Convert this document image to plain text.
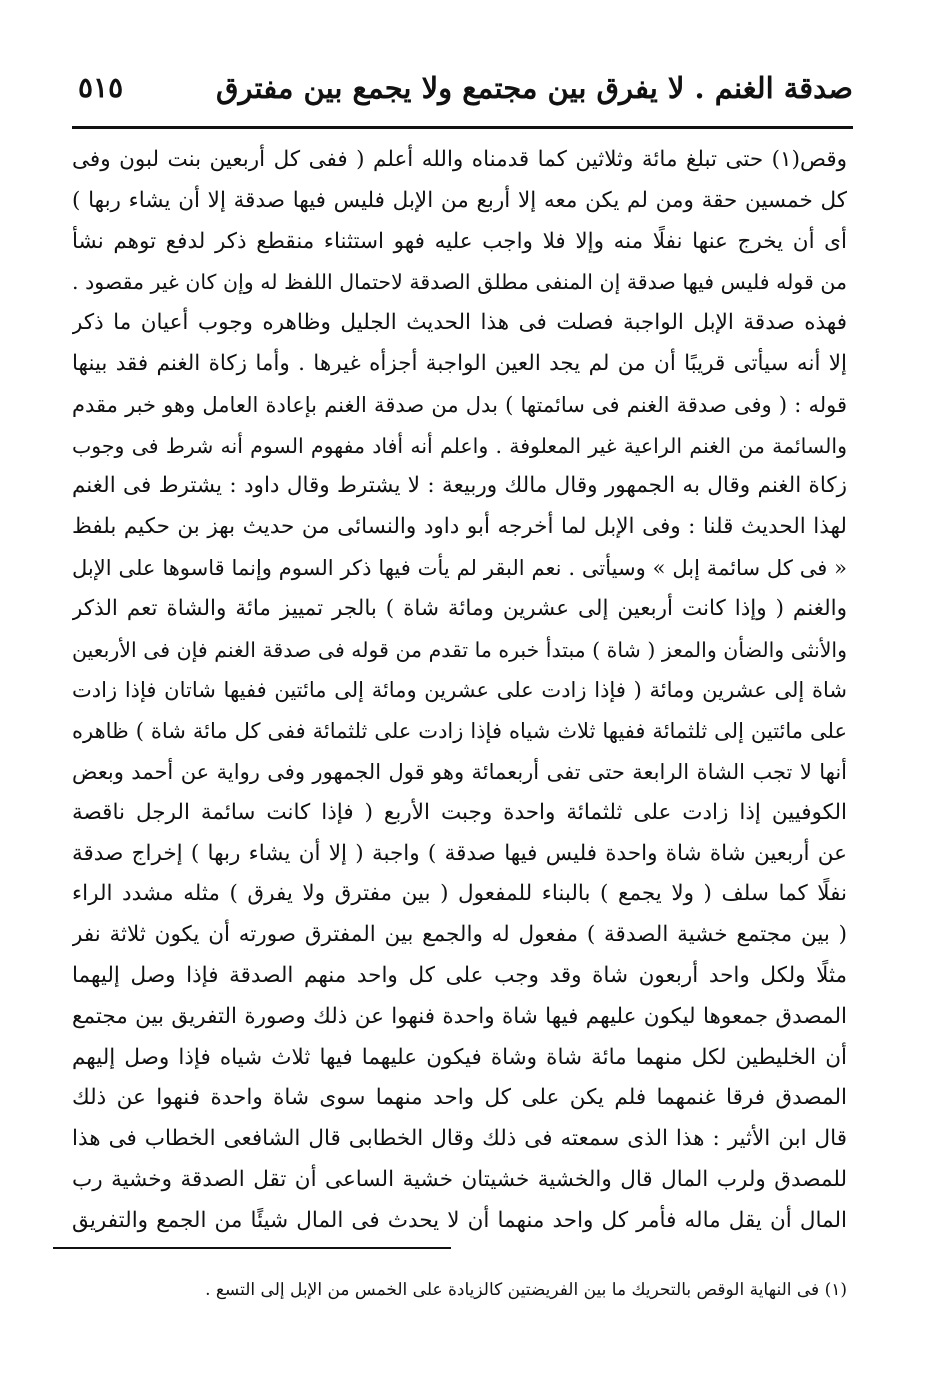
صدقة الغنم . لا يفرق بين مجتمع ولا يجمع بين مفترق
٥١٥
وقص(١) حتى تبلغ مائة وثلاثين كما قدمناه والله أعلم ( ففى كل أربعين بنت لبون وفى
كل خمسين حقة ومن لم يكن معه إلا أربع من الإبل فليس فيها صدقة إلا أن يشاء ربها )
أى أن يخرج عنها نفلًا منه وإلا فلا واجب عليه فهو استثناء منقطع ذكر لدفع توهم نشأ
من قوله فليس فيها صدقة إن المنفى مطلق الصدقة لاحتمال اللفظ له وإن كان غير مقصود .
فهذه صدقة الإبل الواجبة فصلت فى هذا الحديث الجليل وظاهره وجوب أعيان ما ذكر
إلا أنه سيأتى قريبًا أن من لم يجد العين الواجبة أجزأه غيرها . وأما زكاة الغنم فقد بينها
قوله : ( وفى صدقة الغنم فى سائمتها ) بدل من صدقة الغنم بإعادة العامل وهو خبر مقدم
والسائمة من الغنم الراعية غير المعلوفة . واعلم أنه أفاد مفهوم السوم أنه شرط فى وجوب
زكاة الغنم وقال به الجمهور وقال مالك وربيعة : لا يشترط وقال داود : يشترط فى الغنم
لهذا الحديث قلنا : وفى الإبل لما أخرجه أبو داود والنسائى من حديث بهز بن حكيم بلفظ
« فى كل سائمة إبل » وسيأتى . نعم البقر لم يأت فيها ذكر السوم وإنما قاسوها على الإبل
والغنم ( وإذا كانت أربعين إلى عشرين ومائة شاة ) بالجر تمييز مائة والشاة تعم الذكر
والأنثى والضأن والمعز ( شاة ) مبتدأ خبره ما تقدم من قوله فى صدقة الغنم فإن فى الأربعين
شاة إلى عشرين ومائة ( فإذا زادت على عشرين ومائة إلى مائتين ففيها شاتان فإذا زادت
على مائتين إلى ثلثمائة ففيها ثلاث شياه فإذا زادت على ثلثمائة ففى كل مائة شاة ) ظاهره
أنها لا تجب الشاة الرابعة حتى تفى أربعمائة وهو قول الجمهور وفى رواية عن أحمد وبعض
الكوفيين إذا زادت على ثلثمائة واحدة وجبت الأربع ( فإذا كانت سائمة الرجل ناقصة
عن أربعين شاة شاة واحدة فليس فيها صدقة ) واجبة ( إلا أن يشاء ربها ) إخراج صدقة
نفلًا كما سلف ( ولا يجمع ) بالبناء للمفعول ( بين مفترق ولا يفرق ) مثله مشدد الراء
( بين مجتمع خشية الصدقة ) مفعول له والجمع بين المفترق صورته أن يكون ثلاثة نفر
مثلًا ولكل واحد أربعون شاة وقد وجب على كل واحد منهم الصدقة فإذا وصل إليهما
المصدق جمعوها ليكون عليهم فيها شاة واحدة فنهوا عن ذلك وصورة التفريق بين مجتمع
أن الخليطين لكل منهما مائة شاة وشاة فيكون عليهما فيها ثلاث شياه فإذا وصل إليهم
المصدق فرقا غنمهما فلم يكن على كل واحد منهما سوى شاة واحدة فنهوا عن ذلك
قال ابن الأثير : هذا الذى سمعته فى ذلك وقال الخطابى قال الشافعى الخطاب فى هذا
للمصدق ولرب المال قال والخشية خشيتان خشية الساعى أن تقل الصدقة وخشية رب
المال أن يقل ماله فأمر كل واحد منهما أن لا يحدث فى المال شيئًا من الجمع والتفريق
(١) فى النهاية الوقص بالتحريك ما بين الفريضتين كالزيادة على الخمس من الإبل إلى التسع .
